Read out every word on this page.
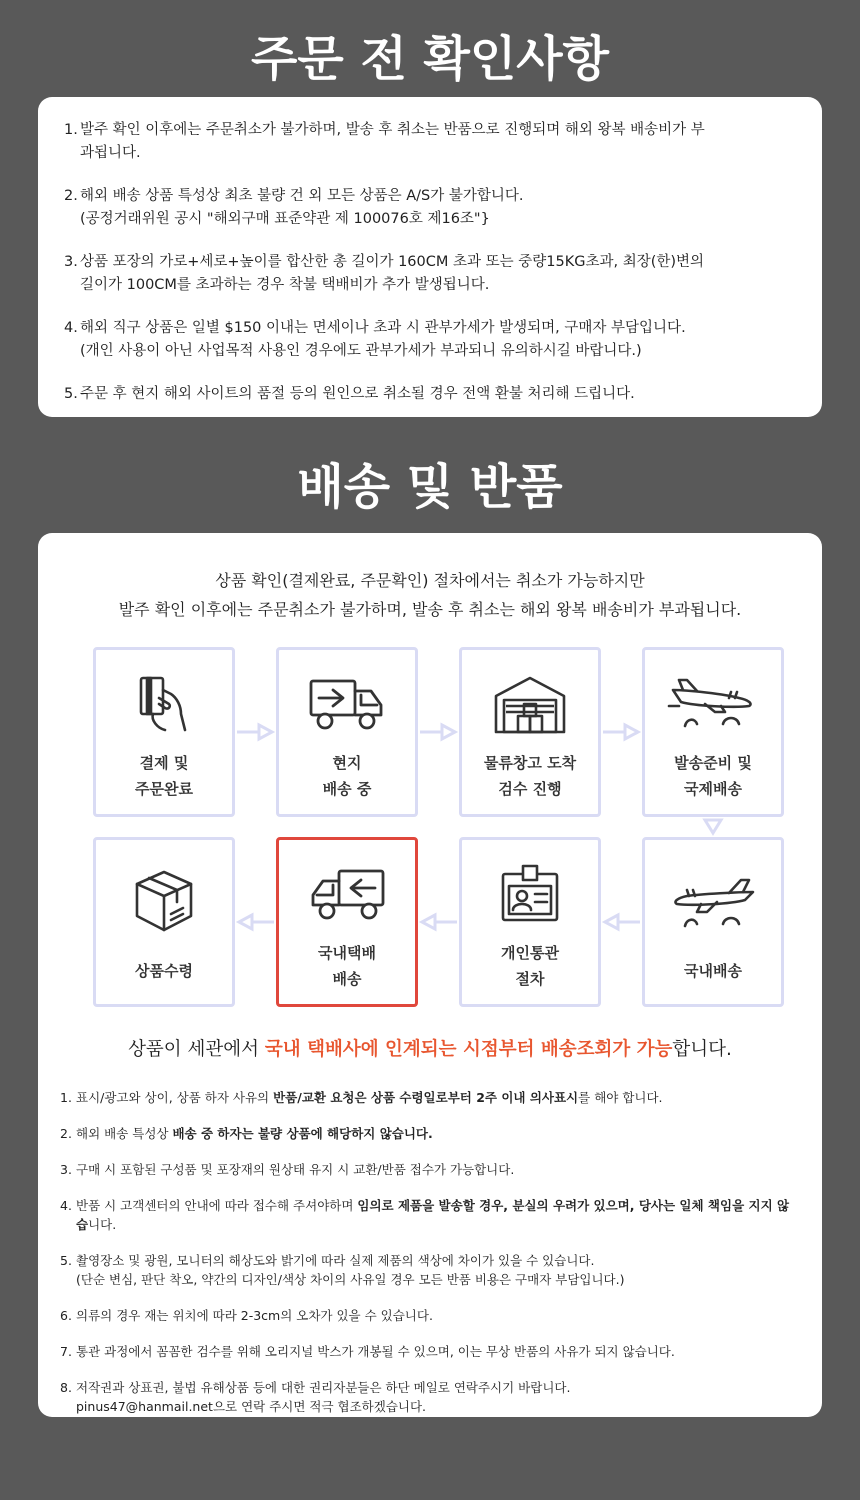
주문 전 확인사항
1. 발주 확인 이후에는 주문취소가 불가하며, 발송 후 취소는 반품으로 진행되며 해외 왕복 배송비가 부
과됩니다.
2. 해외 배송 상품 특성상 최초 불량 건 외 모든 상품은 A/S가 불가합니다.
(공정거래위원 공시 "해외구매 표준약관 제 100076호 제16조"}
3. 상품 포장의 가로+세로+높이를 합산한 총 길이가 160CM 초과 또는 중량15KG초과, 최장(한)변의
길이가 100CM를 초과하는 경우 착불 택배비가 추가 발생됩니다.
4. 해외 직구 상품은 일별 $150 이내는 면세이나 초과 시 관부가세가 발생되며, 구매자 부담입니다.
(개인 사용이 아닌 사업목적 사용인 경우에도 관부가세가 부과되니 유의하시길 바랍니다.)
5. 주문 후 현지 해외 사이트의 품절 등의 원인으로 취소될 경우 전액 환불 처리해 드립니다.
배송 및 반품
상품 확인(결제완료, 주문확인) 절차에서는 취소가 가능하지만
발주 확인 이후에는 주문취소가 불가하며, 발송 후 취소는 해외 왕복 배송비가 부과됩니다.
결제 및
주문완료
현지
배송 중
물류창고 도착
검수 진행
발송준비 및
국제배송
상품수령
국내택배
배송
개인통관
절차	국내배송
상품이 세관에서 국내 택배사에 인계되는 시점부터 배송조회가 가능합니다.
1. 표시/광고와 상이, 상품 하자 사유의 반품/교환 요청은 상품 수령일로부터 2주 이내 의사표시를 해야 합니다.
2. 해외 배송 특성상 배송 중 하자는 불량 상품에 해당하지 않습니다.
3. 구매 시 포함된 구성품 및 포장재의 원상태 유지 시 교환/반품 접수가 가능합니다.
4. 반품 시 고객센터의 안내에 따라 접수해 주셔야하며 임의로 제품을 발송할 경우, 분실의 우려가 있으며, 당사는 일체 책임을 지지 않습니다.
5. 촬영장소 및 광원, 모니터의 해상도와 밝기에 따라 실제 제품의 색상에 차이가 있을 수 있습니다.
(단순 변심, 판단 착오, 약간의 디자인/색상 차이의 사유일 경우 모든 반품 비용은 구매자 부담입니다.)
6. 의류의 경우 재는 위치에 따라 2-3cm의 오차가 있을 수 있습니다.
7. 통관 과정에서 꼼꼼한 검수를 위해 오리지널 박스가 개봉될 수 있으며, 이는 무상 반품의 사유가 되지 않습니다.
8. 저작권과 상표권, 불법 유해상품 등에 대한 권리자분들은 하단 메일로 연락주시기 바랍니다.
pinus47@hanmail.net으로 연락 주시면 적극 협조하겠습니다.
